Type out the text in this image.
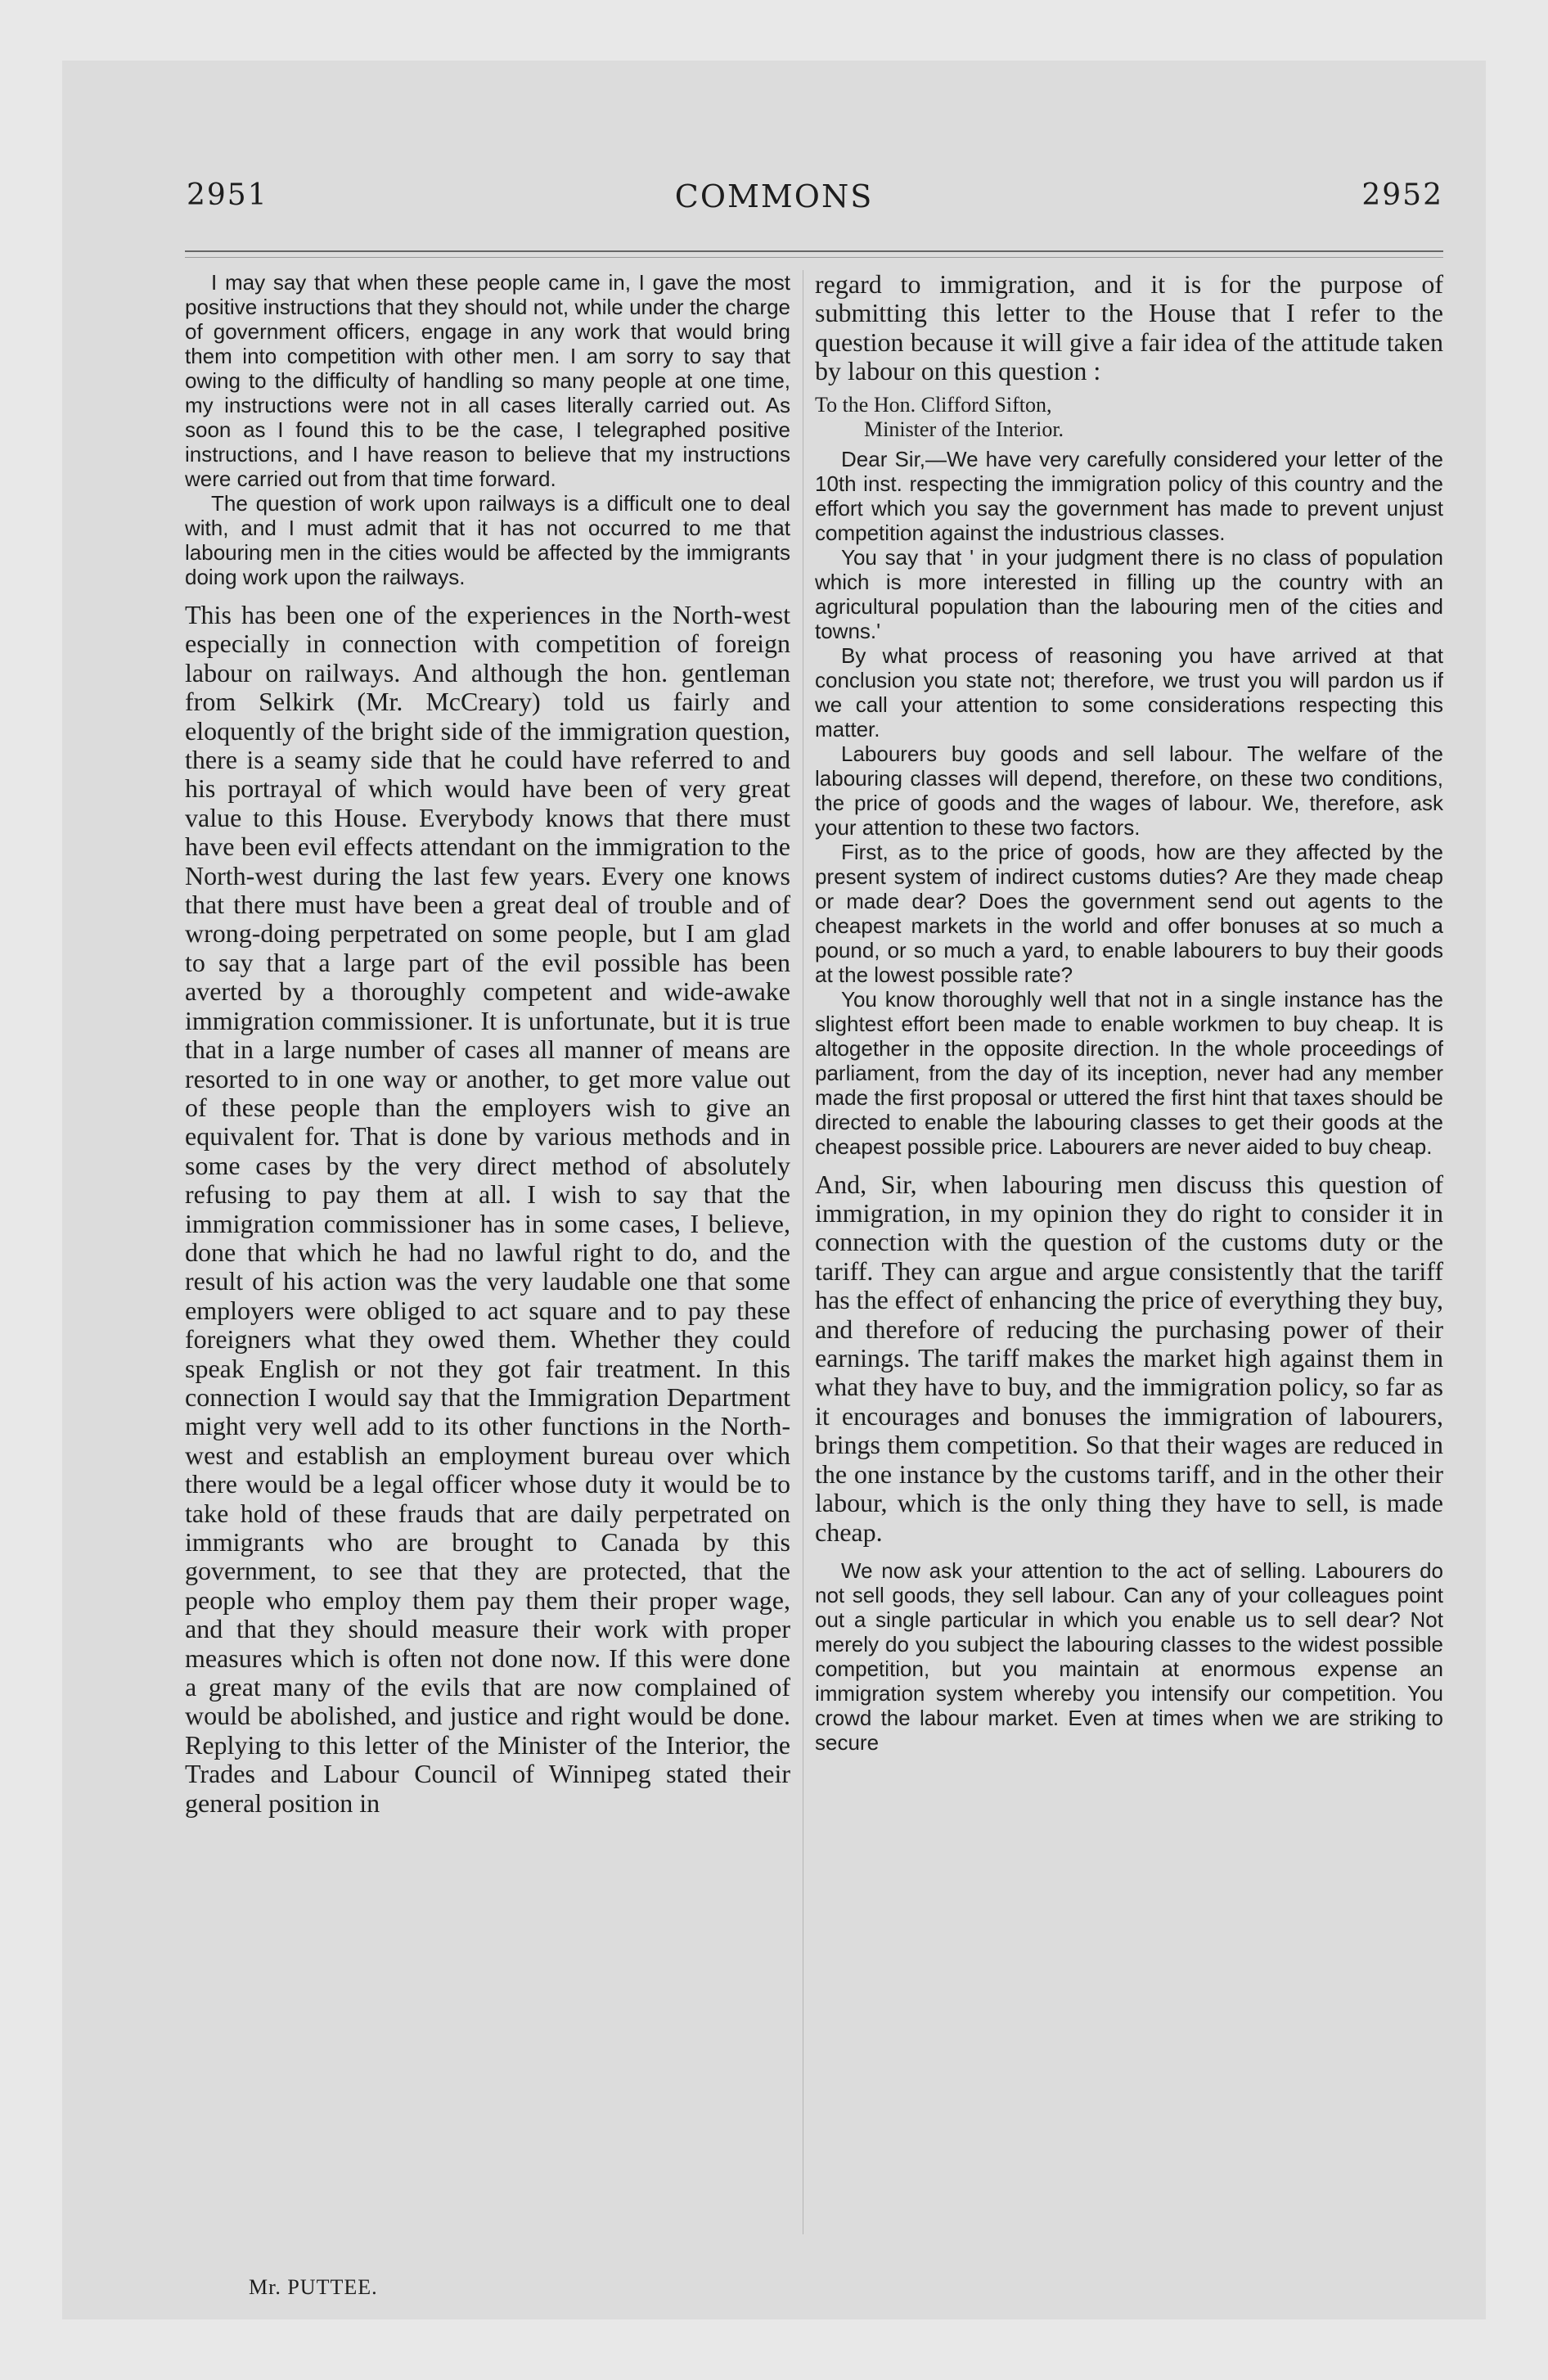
2951	COMMONS	2952

I may say that when these people came in, I gave the most positive instructions that they should not, while under the charge of government officers, engage in any work that would bring them into competition with other men. I am sorry to say that owing to the difficulty of handling so many people at one time, my instructions were not in all cases literally carried out. As soon as I found this to be the case, I telegraphed positive instructions, and I have reason to believe that my instructions were carried out from that time forward.

The question of work upon railways is a difficult one to deal with, and I must admit that it has not occurred to me that labouring men in the cities would be affected by the immigrants doing work upon the railways.

This has been one of the experiences in the North-west especially in connection with competition of foreign labour on railways. And although the hon. gentleman from Selkirk (Mr. McCreary) told us fairly and eloquently of the bright side of the immigration question, there is a seamy side that he could have referred to and his portrayal of which would have been of very great value to this House. Everybody knows that there must have been evil effects attendant on the immigration to the North-west during the last few years. Every one knows that there must have been a great deal of trouble and of wrong-doing perpetrated on some people, but I am glad to say that a large part of the evil possible has been averted by a thoroughly competent and wide-awake immigration commissioner. It is unfortunate, but it is true that in a large number of cases all manner of means are resorted to in one way or another, to get more value out of these people than the employers wish to give an equivalent for. That is done by various methods and in some cases by the very direct method of absolutely refusing to pay them at all. I wish to say that the immigration commissioner has in some cases, I believe, done that which he had no lawful right to do, and the result of his action was the very laudable one that some employers were obliged to act square and to pay these foreigners what they owed them. Whether they could speak English or not they got fair treatment. In this connection I would say that the Immigration Department might very well add to its other functions in the North-west and establish an employment bureau over which there would be a legal officer whose duty it would be to take hold of these frauds that are daily perpetrated on immigrants who are brought to Canada by this government, to see that they are protected, that the people who employ them pay them their proper wage, and that they should measure their work with proper measures which is often not done now. If this were done a great many of the evils that are now complained of would be abolished, and justice and right would be done. Replying to this letter of the Minister of the Interior, the Trades and Labour Council of Winnipeg stated their general position in

regard to immigration, and it is for the purpose of submitting this letter to the House that I refer to the question because it will give a fair idea of the attitude taken by labour on this question :

To the Hon. Clifford Sifton,
Minister of the Interior.

Dear Sir,—We have very carefully considered your letter of the 10th inst. respecting the immigration policy of this country and the effort which you say the government has made to prevent unjust competition against the industrious classes.

You say that ' in your judgment there is no class of population which is more interested in filling up the country with an agricultural population than the labouring men of the cities and towns.'

By what process of reasoning you have arrived at that conclusion you state not; therefore, we trust you will pardon us if we call your attention to some considerations respecting this matter.

Labourers buy goods and sell labour. The welfare of the labouring classes will depend, therefore, on these two conditions, the price of goods and the wages of labour. We, therefore, ask your attention to these two factors.

First, as to the price of goods, how are they affected by the present system of indirect customs duties? Are they made cheap or made dear? Does the government send out agents to the cheapest markets in the world and offer bonuses at so much a pound, or so much a yard, to enable labourers to buy their goods at the lowest possible rate?

You know thoroughly well that not in a single instance has the slightest effort been made to enable workmen to buy cheap. It is altogether in the opposite direction. In the whole proceedings of parliament, from the day of its inception, never had any member made the first proposal or uttered the first hint that taxes should be directed to enable the labouring classes to get their goods at the cheapest possible price. Labourers are never aided to buy cheap.

And, Sir, when labouring men discuss this question of immigration, in my opinion they do right to consider it in connection with the question of the customs duty or the tariff. They can argue and argue consistently that the tariff has the effect of enhancing the price of everything they buy, and therefore of reducing the purchasing power of their earnings. The tariff makes the market high against them in what they have to buy, and the immigration policy, so far as it encourages and bonuses the immigration of labourers, brings them competition. So that their wages are reduced in the one instance by the customs tariff, and in the other their labour, which is the only thing they have to sell, is made cheap.

We now ask your attention to the act of selling. Labourers do not sell goods, they sell labour. Can any of your colleagues point out a single particular in which you enable us to sell dear? Not merely do you subject the labouring classes to the widest possible competition, but you maintain at enormous expense an immigration system whereby you intensify our competition. You crowd the labour market. Even at times when we are striking to secure

Mr. PUTTEE.
